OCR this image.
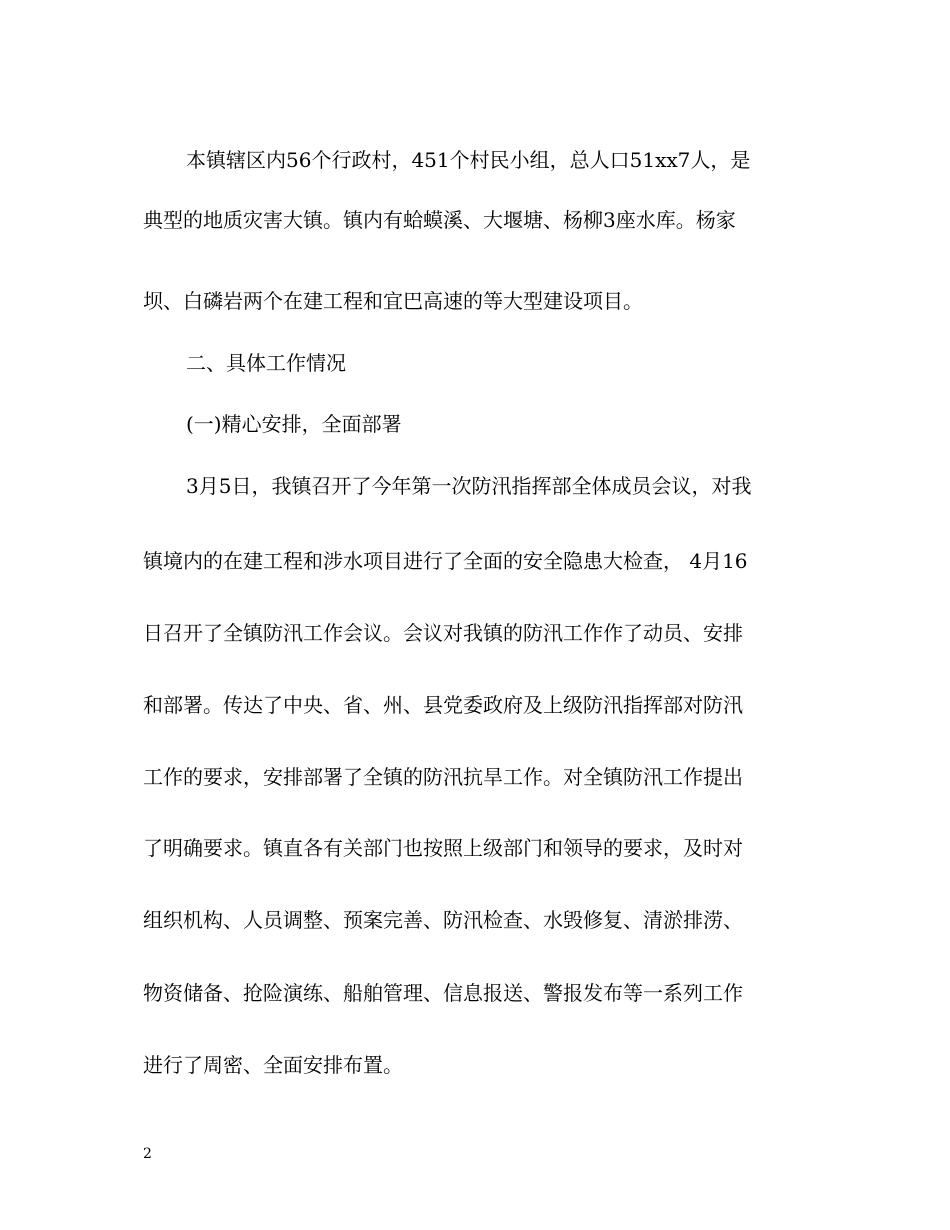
本镇辖区内56个行政村，451个村民小组，总人口51xx7人，是

典型的地质灾害大镇。镇内有蛤蟆溪、大堰塘、杨柳3座水库。杨家

坝、白磷岩两个在建工程和宜巴高速的等大型建设项目。

二、具体工作情况

(一)精心安排，全面部署

3月5日，我镇召开了今年第一次防汛指挥部全体成员会议，对我

镇境内的在建工程和涉水项目进行了全面的安全隐患大检查， 4月16

日召开了全镇防汛工作会议。会议对我镇的防汛工作作了动员、安排

和部署。传达了中央、省、州、县党委政府及上级防汛指挥部对防汛

工作的要求，安排部署了全镇的防汛抗旱工作。对全镇防汛工作提出

了明确要求。镇直各有关部门也按照上级部门和领导的要求，及时对

组织机构、人员调整、预案完善、防汛检查、水毁修复、清淤排涝、

物资储备、抢险演练、船舶管理、信息报送、警报发布等一系列工作

进行了周密、全面安排布置。

2
